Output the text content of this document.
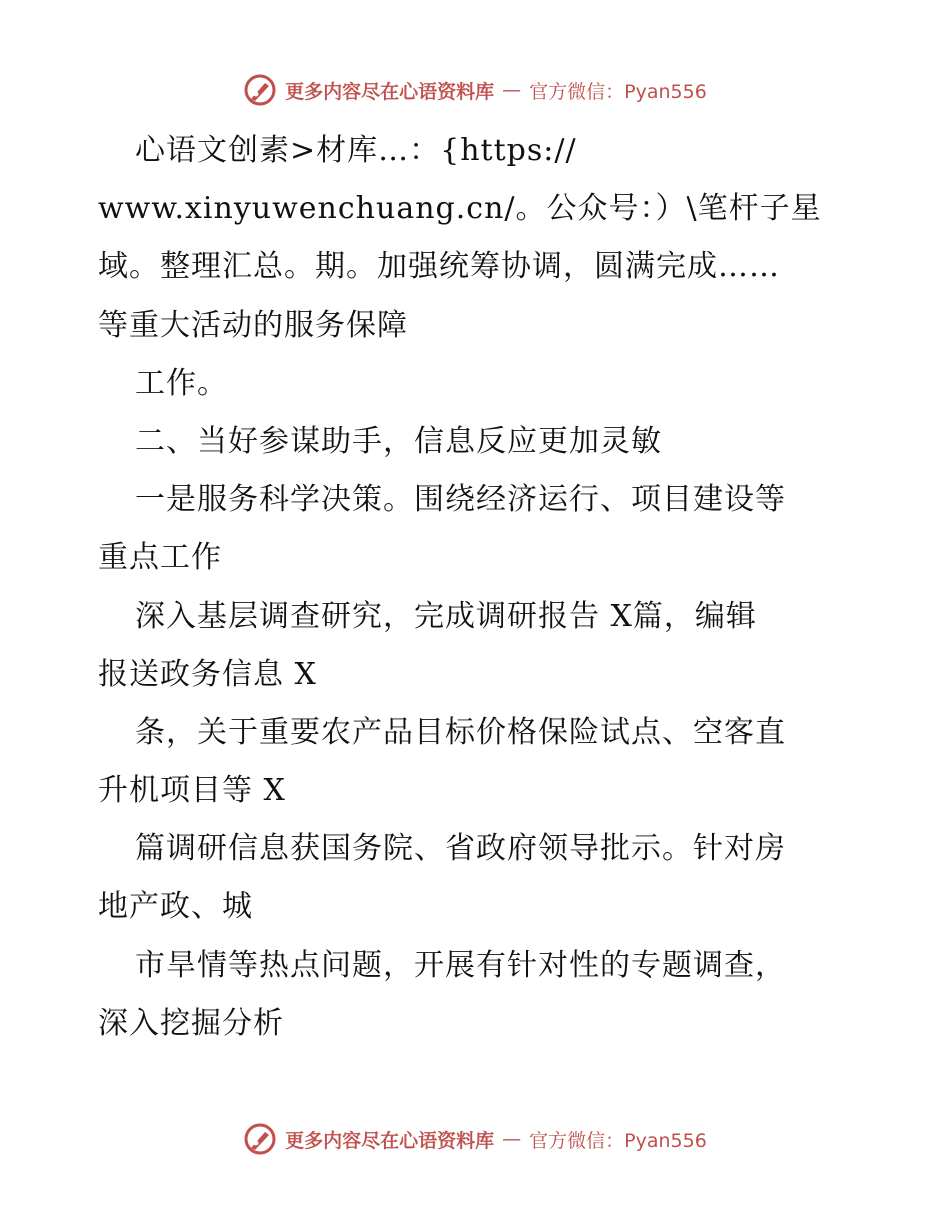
更多内容尽在心语资料库 — 官方微信：Pyan556
心语文创素>材库…：{https://
www.xinyuwenchuang.cn/。公众号：）\笔杆子星
域。整理汇总。期。加强统筹协调，圆满完成……
等重大活动的服务保障
工作。
二、当好参谋助手，信息反应更加灵敏
一是服务科学决策。围绕经济运行、项目建设等
重点工作
深入基层调查研究，完成调研报告 X篇，编辑
报送政务信息 X
条，关于重要农产品目标价格保险试点、空客直
升机项目等 X
篇调研信息获国务院、省政府领导批示。针对房
地产政、城
市旱情等热点问题，开展有针对性的专题调查，
深入挖掘分析
更多内容尽在心语资料库 — 官方微信：Pyan556
